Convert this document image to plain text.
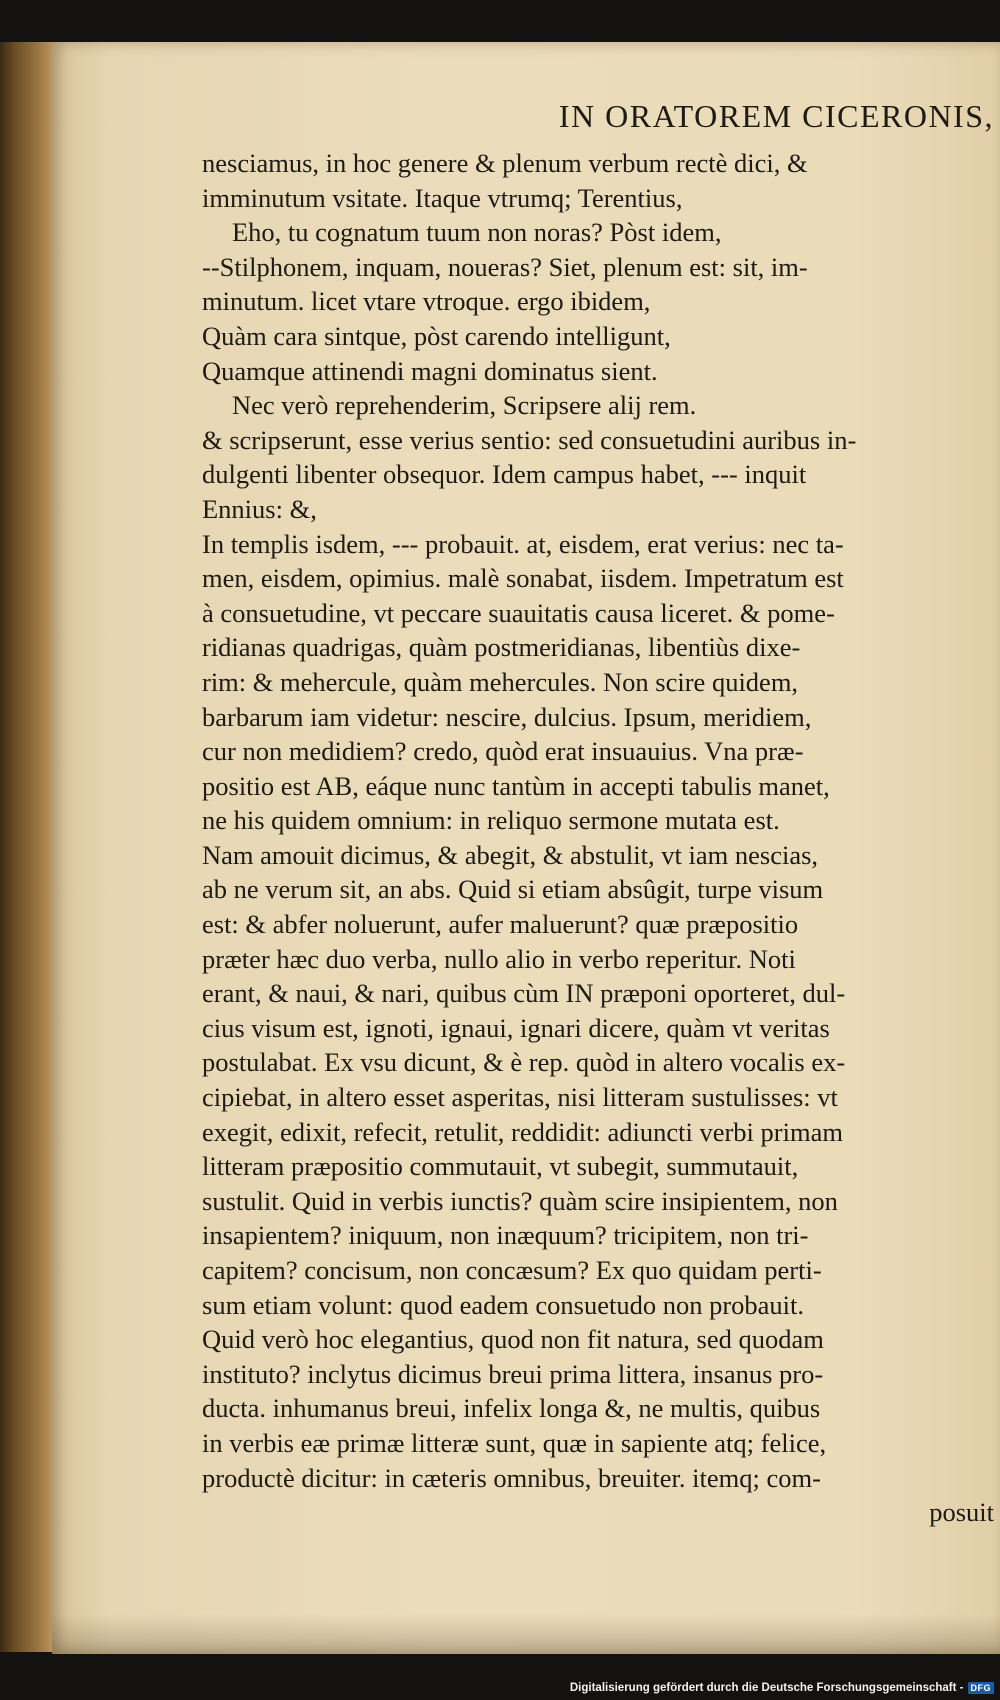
IN ORATOREM CICERONIS,
nesciamus, in hoc genere & plenum verbum rectè dici, &
imminutum vsitate. Itaque vtrumq; Terentius,
Eho, tu cognatum tuum non noras? Pòst idem,
--Stilphonem, inquam, noueras? Siet, plenum est: sit, im-
minutum. licet vtare vtroque. ergo ibidem,
Quàm cara sintque, pòst carendo intelligunt,
Quamque attinendi magni dominatus sient.
Nec verò reprehenderim, Scripsere alij rem.
& scripserunt, esse verius sentio: sed consuetudini auribus in-
dulgenti libenter obsequor. Idem campus habet, --- inquit
Ennius: &,
In templis isdem, --- probauit. at, eisdem, erat verius: nec ta-
men, eisdem, opimius. malè sonabat, iisdem. Impetratum est
à consuetudine, vt peccare suauitatis causa liceret. & pome-
ridianas quadrigas, quàm postmeridianas, libentiùs dixe-
rim: & mehercule, quàm mehercules. Non scire quidem,
barbarum iam videtur: nescire, dulcius. Ipsum, meridiem,
cur non medidiem? credo, quòd erat insuauius. Vna præ-
positio est AB, eáque nunc tantùm in accepti tabulis manet,
ne his quidem omnium: in reliquo sermone mutata est.
Nam amouit dicimus, & abegit, & abstulit, vt iam nescias,
ab ne verum sit, an abs. Quid si etiam absûgit, turpe visum
est: & abfer noluerunt, aufer maluerunt? quæ præpositio
præter hæc duo verba, nullo alio in verbo reperitur. Noti
erant, & naui, & nari, quibus cùm IN præponi oporteret, dul-
cius visum est, ignoti, ignaui, ignari dicere, quàm vt veritas
postulabat. Ex vsu dicunt, & è rep. quòd in altero vocalis ex-
cipiebat, in altero esset asperitas, nisi litteram sustulisses: vt
exegit, edixit, refecit, retulit, reddidit: adiuncti verbi primam
litteram præpositio commutauit, vt subegit, summutauit,
sustulit. Quid in verbis iunctis? quàm scire insipientem, non
insapientem? iniquum, non inæquum? tricipitem, non tri-
capitem? concisum, non concæsum? Ex quo quidam perti-
sum etiam volunt: quod eadem consuetudo non probauit.
Quid verò hoc elegantius, quod non fit natura, sed quodam
instituto? inclytus dicimus breui prima littera, insanus pro-
ducta. inhumanus breui, infelix longa &, ne multis, quibus
in verbis eæ primæ litteræ sunt, quæ in sapiente atq; felice,
productè dicitur: in cæteris omnibus, breuiter. itemq; com-
posuit
Digitalisierung gefördert durch die Deutsche Forschungsgemeinschaft - DFG
